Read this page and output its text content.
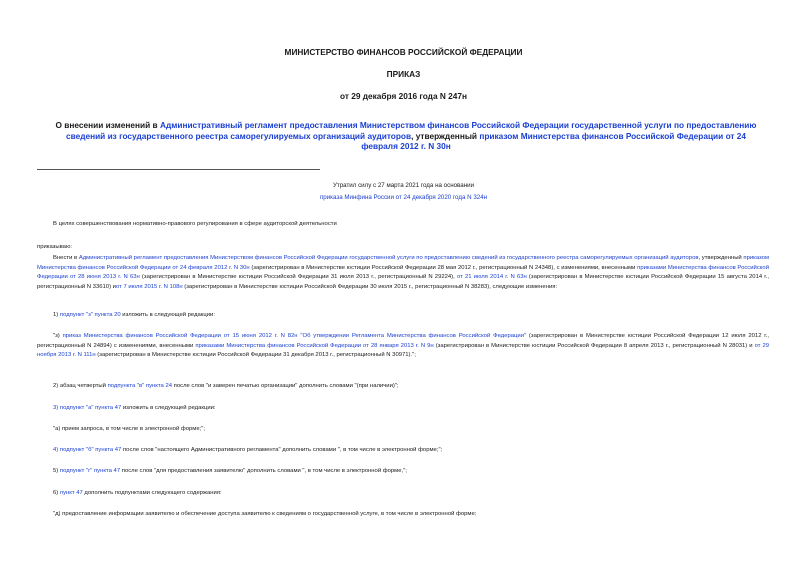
МИНИСТЕРСТВО ФИНАНСОВ РОССИЙСКОЙ ФЕДЕРАЦИИ
ПРИКАЗ
от 29 декабря 2016 года N 247н
О внесении изменений в Административный регламент предоставления Министерством финансов Российской Федерации государственной услуги по предоставлению сведений из государственного реестра саморегулируемых организаций аудиторов, утвержденный приказом Министерства финансов Российской Федерации от 24 февраля 2012 г. N 30н
Утратил силу с 27 марта 2021 года на основании
приказа Минфина России от 24 декабря 2020 года N 324н
В целях совершенствования нормативно-правового регулирования в сфере аудиторской деятельности
приказываю:
Внести в Административный регламент предоставления Министерством финансов Российской Федерации государственной услуги по предоставлению сведений из государственного реестра саморегулируемых организаций аудиторов, утвержденный приказом Министерства финансов Российской Федерации от 24 февраля 2012 г. N 30н (зарегистрирован в Министерстве юстиции Российской Федерации 28 мая 2012 г., регистрационный N 24348), с изменениями, внесенными приказами Министерства финансов Российской Федерации от 28 июня 2013 г. N 63н (зарегистрирован в Министерстве юстиции Российской Федерации 31 июля 2013 г., регистрационный N 29224), от 21 июля 2014 г. N 63н (зарегистрирован в Министерстве юстиции Российской Федерации 15 августа 2014 г., регистрационный N 33610) иот 7 июля 2015 г. N 108н (зарегистрирован в Министерстве юстиции Российской Федерации 30 июля 2015 г., регистрационный N 38283), следующие изменения:
1) подпункт "з" пункта 20 изложить в следующей редакции:
"з) приказ Министерства финансов Российской Федерации от 15 июня 2012 г. N 82н "Об утверждении Регламента Министерства финансов Российской Федерации" (зарегистрирован в Министерстве юстиции Российской Федерации 12 июля 2012 г., регистрационный N 24894) с изменениями, внесенными приказами Министерства финансов Российской Федерации от 28 января 2013 г. N 9н (зарегистрирован в Министерстве юстиции Российской Федерации 8 апреля 2013 г., регистрационный N 28031) и от 29 ноября 2013 г. N 111н (зарегистрирован в Министерстве юстиции Российской Федерации 31 декабря 2013 г., регистрационный N 30971).";
2) абзац четвертый подпункта "в" пункта 24 после слов "и заверен печатью организации" дополнить словами "(при наличии)";
3) подпункт "а" пункта 47 изложить в следующей редакции:
"а) прием запроса, в том числе в электронной форме;";
4) подпункт "б" пункта 47 после слов "настоящего Административного регламента" дополнить словами ", в том числе в электронной форме;";
5) подпункт "г" пункта 47 после слов "для предоставления заявителю" дополнить словами ", в том числе в электронной форме,";
6) пункт 47 дополнить подпунктами следующего содержания:
"д) предоставление информации заявителю и обеспечение доступа заявителю к сведениям о государственной услуге, в том числе в электронной форме;
